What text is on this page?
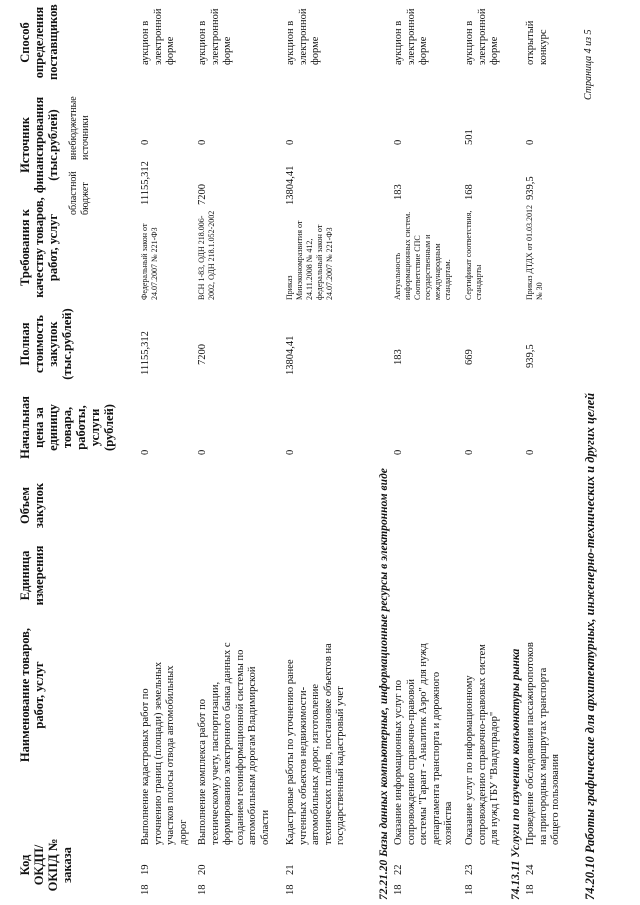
Код ОКДП/ ОКПД № заказа
Наименование товаров, работ, услуг
Единица измерения
Объем закупок
Начальная цена за единицу товара, работы, услуги (рублей)
Полная стоимость закупок (тыс.рублей)
Требования к качеству товаров, работ, услуг
Источник финансирования (тыс.рублей)
областной бюджет
внебюджетные источники
Способ определения поставщиков
18
19
Выполнение кадастровых работ по уточнению границ (площади) земельных участков полосы отвода автомобильных дорог
0
11155,312
Федеральный закон от 24.07.2007 № 221-ФЗ
11155,312
0
аукцион в электронной форме
18
20
Выполнение комплекса работ по техническому учету, паспортизации, формированию электронного банка данных с созданием геоинформационной системы по автомобильным дорогам Владимирской области
0
7200
ВСН 1-83, ОДН 218.006-2002, ОДН 218.1.052-2002
7200
0
аукцион в электронной форме
18
21
Кадастровые работы по уточнению ранее учтенных объектов недвижимости-автомобильных дорог, изготовление технических планов, постановке объектов на государственный кадастровый учет
0
13804,41
Приказ Минэкономразвития от 24.11.2008 № 412, федеральный закон от 24.07.2007 № 221-ФЗ
13804,41
0
аукцион в электронной форме
72.21.20 Базы данных компьютерные, информационные ресурсы в электронном виде
18
22
Оказание информационных услуг по сопровождению справочно-правовой системы "Гарант - Аналитик Аэро" для нужд департамента транспорта и дорожного хозяйства
0
183
Актуальность информационных систем. Соответствие СПС государственным и международным стандартам.
183
0
аукцион в электронной форме
18
23
Оказание услуг по информационному сопровождению справочно-правовых систем для нужд ГБУ "Владупрадор"
0
669
Сертификат соответствия, стандарты
168
501
аукцион в электронной форме
74.13.11 Услуги по изучению конъюнктуры рынка
18
24
Проведение обследования пассажиропотоков на пригородных маршрутах транспорта общего пользования
0
939,5
Приказ ДТДХ от 01.03.2012 № 30
939,5
0
открытый конкурс
74.20.10 Работы графические для архитектурных, инженерно-технических и других целей
Страница 4 из 5
